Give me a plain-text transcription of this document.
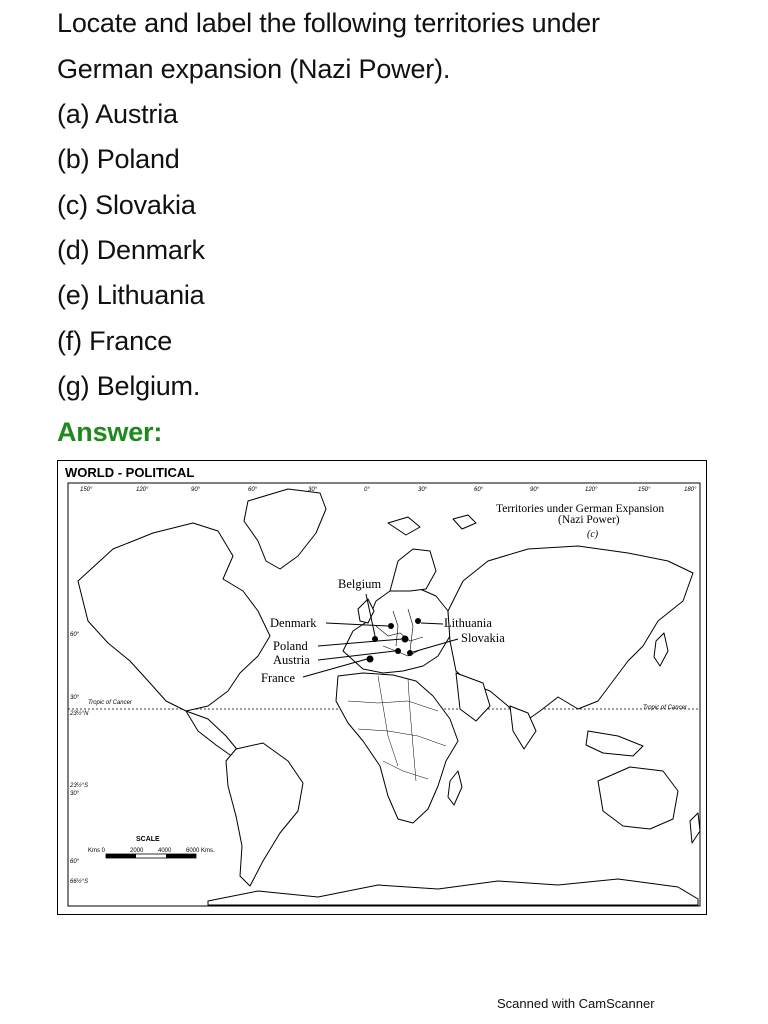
Locate and label the following territories under
German expansion (Nazi Power).
(a) Austria
(b) Poland
(c) Slovakia
(d) Denmark
(e) Lithuania
(f) France
(g) Belgium.
Answer:
150°	120°	90°	60°	30°	0°	30°	60°	90°	120°	150°	180°
60°
30°
23½°N
23½°S
30°
60°
66½°S
Tropic of Cancer
Tropic of Cancer
Belgium
Denmark
Poland
Austria
France
Lithuania
Slovakia
Territories under German Expansion
(Nazi Power)
(c)
SCALE
Kms 0	2000 4000 6000 Kms.
WORLD - POLITICAL
Scanned with CamScanner
